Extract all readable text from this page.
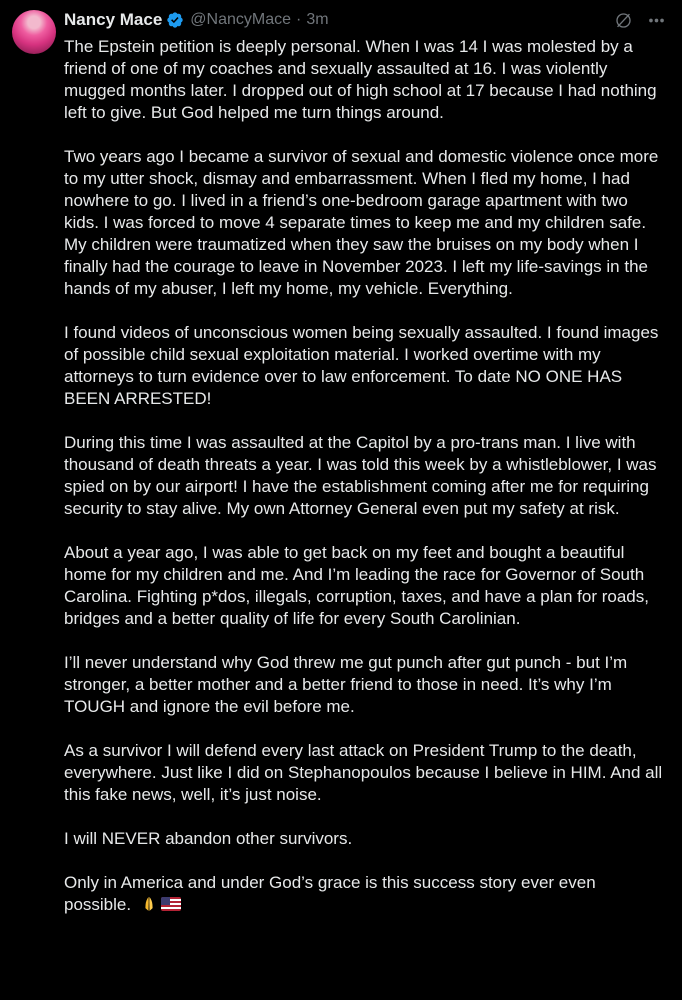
Nancy Mace @NancyMace · 3m

The Epstein petition is deeply personal. When I was 14 I was molested by a friend of one of my coaches and sexually assaulted at 16. I was violently mugged months later. I dropped out of high school at 17 because I had nothing left to give. But God helped me turn things around.

Two years ago I became a survivor of sexual and domestic violence once more to my utter shock, dismay and embarrassment. When I fled my home, I had nowhere to go. I lived in a friend’s one-bedroom garage apartment with two kids. I was forced to move 4 separate times to keep me and my children safe. My children were traumatized when they saw the bruises on my body when I finally had the courage to leave in November 2023. I left my life-savings in the hands of my abuser, I left my home, my vehicle. Everything.

I found videos of unconscious women being sexually assaulted. I found images of possible child sexual exploitation material. I worked overtime with my attorneys to turn evidence over to law enforcement. To date NO ONE HAS BEEN ARRESTED!

During this time I was assaulted at the Capitol by a pro-trans man. I live with thousand of death threats a year. I was told this week by a whistleblower, I was spied on by our airport! I have the establishment coming after me for requiring security to stay alive. My own Attorney General even put my safety at risk.

About a year ago, I was able to get back on my feet and bought a beautiful home for my children and me. And I’m leading the race for Governor of South Carolina. Fighting p*dos, illegals, corruption, taxes, and have a plan for roads, bridges and a better quality of life for every South Carolinian.

I’ll never understand why God threw me gut punch after gut punch - but I’m stronger, a better mother and a better friend to those in need. It’s why I’m TOUGH and ignore the evil before me.

As a survivor I will defend every last attack on President Trump to the death, everywhere. Just like I did on Stephanopoulos because I believe in HIM. And all this fake news, well, it’s just noise.

I will NEVER abandon other survivors.

Only in America and under God’s grace is this success story ever even possible.
